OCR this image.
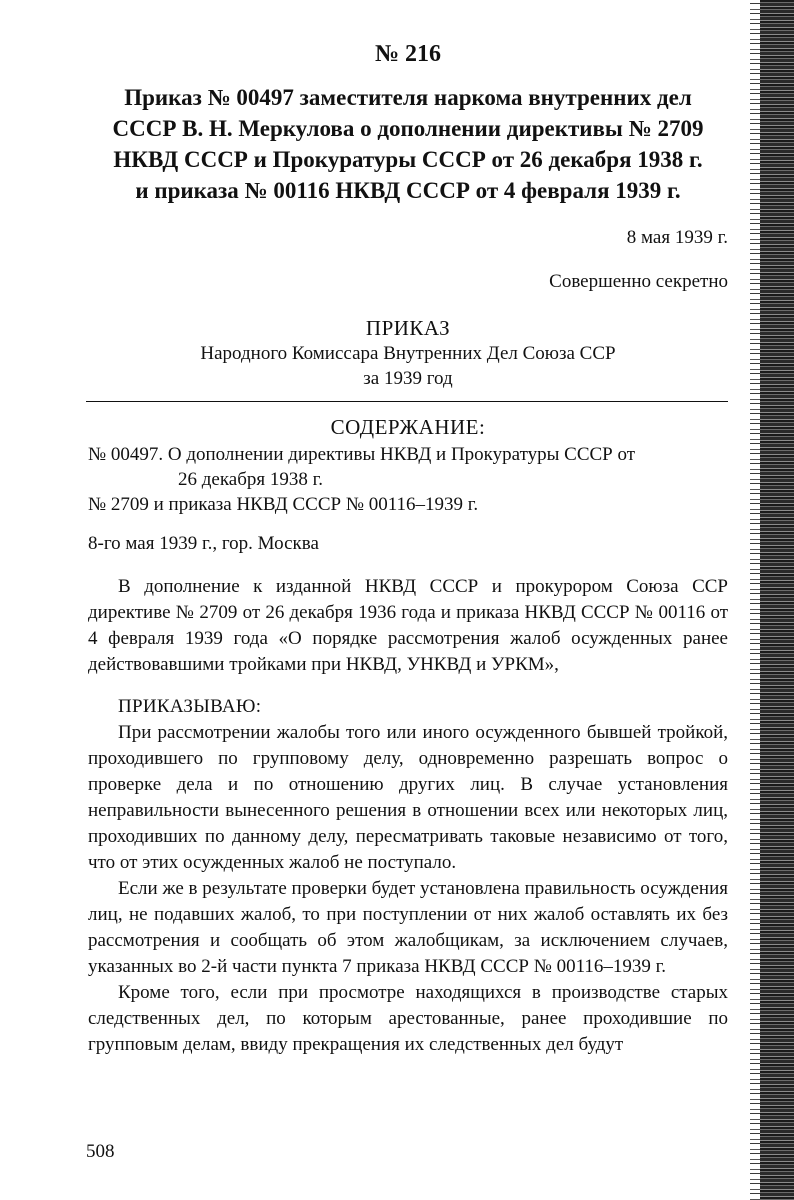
№ 216
Приказ № 00497 заместителя наркома внутренних дел
СССР В. Н. Меркулова о дополнении директивы № 2709
НКВД СССР и Прокуратуры СССР от 26 декабря 1938 г.
и приказа № 00116 НКВД СССР от 4 февраля 1939 г.
8 мая 1939 г.
Совершенно секретно
ПРИКАЗ
Народного Комиссара Внутренних Дел Союза ССР
за 1939 год
СОДЕРЖАНИЕ:
№ 00497. О дополнении директивы НКВД и Прокуратуры СССР от
26 декабря 1938 г.
№ 2709 и приказа НКВД СССР № 00116–1939 г.
8-го мая 1939 г., гор. Москва

В дополнение к изданной НКВД СССР и прокурором Союза ССР директиве № 2709 от 26 декабря 1936 года и приказа НКВД СССР № 00116 от 4 февраля 1939 года «О порядке рассмотрения жалоб осужденных ранее действовавшими тройками при НКВД, УНКВД и УРКМ»,

ПРИКАЗЫВАЮ:

При рассмотрении жалобы того или иного осужденного бывшей тройкой, проходившего по групповому делу, одновременно разрешать вопрос о проверке дела и по отношению других лиц. В случае установления неправильности вынесенного решения в отношении всех или некоторых лиц, проходивших по данному делу, пересматривать таковые независимо от того, что от этих осужденных жалоб не поступало.

Если же в результате проверки будет установлена правильность осуждения лиц, не подавших жалоб, то при поступлении от них жалоб оставлять их без рассмотрения и сообщать об этом жалобщикам, за исключением случаев, указанных во 2-й части пункта 7 приказа НКВД СССР № 00116–1939 г.

Кроме того, если при просмотре находящихся в производстве старых следственных дел, по которым арестованные, ранее проходившие по групповым делам, ввиду прекращения их следственных дел будут

508
